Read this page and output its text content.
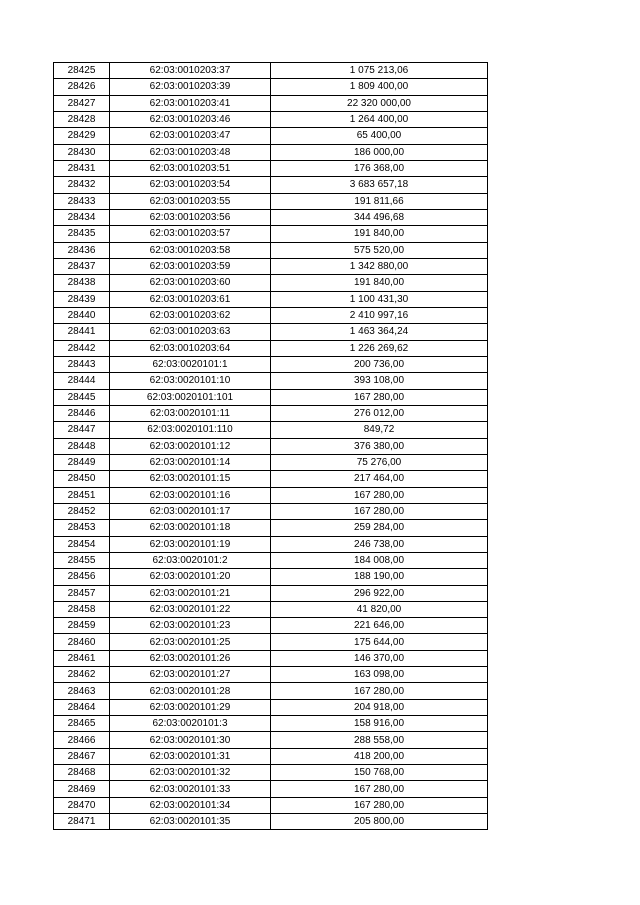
28425	62:03:0010203:37	1 075 213,06
28426	62:03:0010203:39	1 809 400,00
28427	62:03:0010203:41	22 320 000,00
28428	62:03:0010203:46	1 264 400,00
28429	62:03:0010203:47	65 400,00
28430	62:03:0010203:48	186 000,00
28431	62:03:0010203:51	176 368,00
28432	62:03:0010203:54	3 683 657,18
28433	62:03:0010203:55	191 811,66
28434	62:03:0010203:56	344 496,68
28435	62:03:0010203:57	191 840,00
28436	62:03:0010203:58	575 520,00
28437	62:03:0010203:59	1 342 880,00
28438	62:03:0010203:60	191 840,00
28439	62:03:0010203:61	1 100 431,30
28440	62:03:0010203:62	2 410 997,16
28441	62:03:0010203:63	1 463 364,24
28442	62:03:0010203:64	1 226 269,62
28443	62:03:0020101:1	200 736,00
28444	62:03:0020101:10	393 108,00
28445	62:03:0020101:101	167 280,00
28446	62:03:0020101:11	276 012,00
28447	62:03:0020101:110	849,72
28448	62:03:0020101:12	376 380,00
28449	62:03:0020101:14	75 276,00
28450	62:03:0020101:15	217 464,00
28451	62:03:0020101:16	167 280,00
28452	62:03:0020101:17	167 280,00
28453	62:03:0020101:18	259 284,00
28454	62:03:0020101:19	246 738,00
28455	62:03:0020101:2	184 008,00
28456	62:03:0020101:20	188 190,00
28457	62:03:0020101:21	296 922,00
28458	62:03:0020101:22	41 820,00
28459	62:03:0020101:23	221 646,00
28460	62:03:0020101:25	175 644,00
28461	62:03:0020101:26	146 370,00
28462	62:03:0020101:27	163 098,00
28463	62:03:0020101:28	167 280,00
28464	62:03:0020101:29	204 918,00
28465	62:03:0020101:3	158 916,00
28466	62:03:0020101:30	288 558,00
28467	62:03:0020101:31	418 200,00
28468	62:03:0020101:32	150 768,00
28469	62:03:0020101:33	167 280,00
28470	62:03:0020101:34	167 280,00
28471	62:03:0020101:35	205 800,00
